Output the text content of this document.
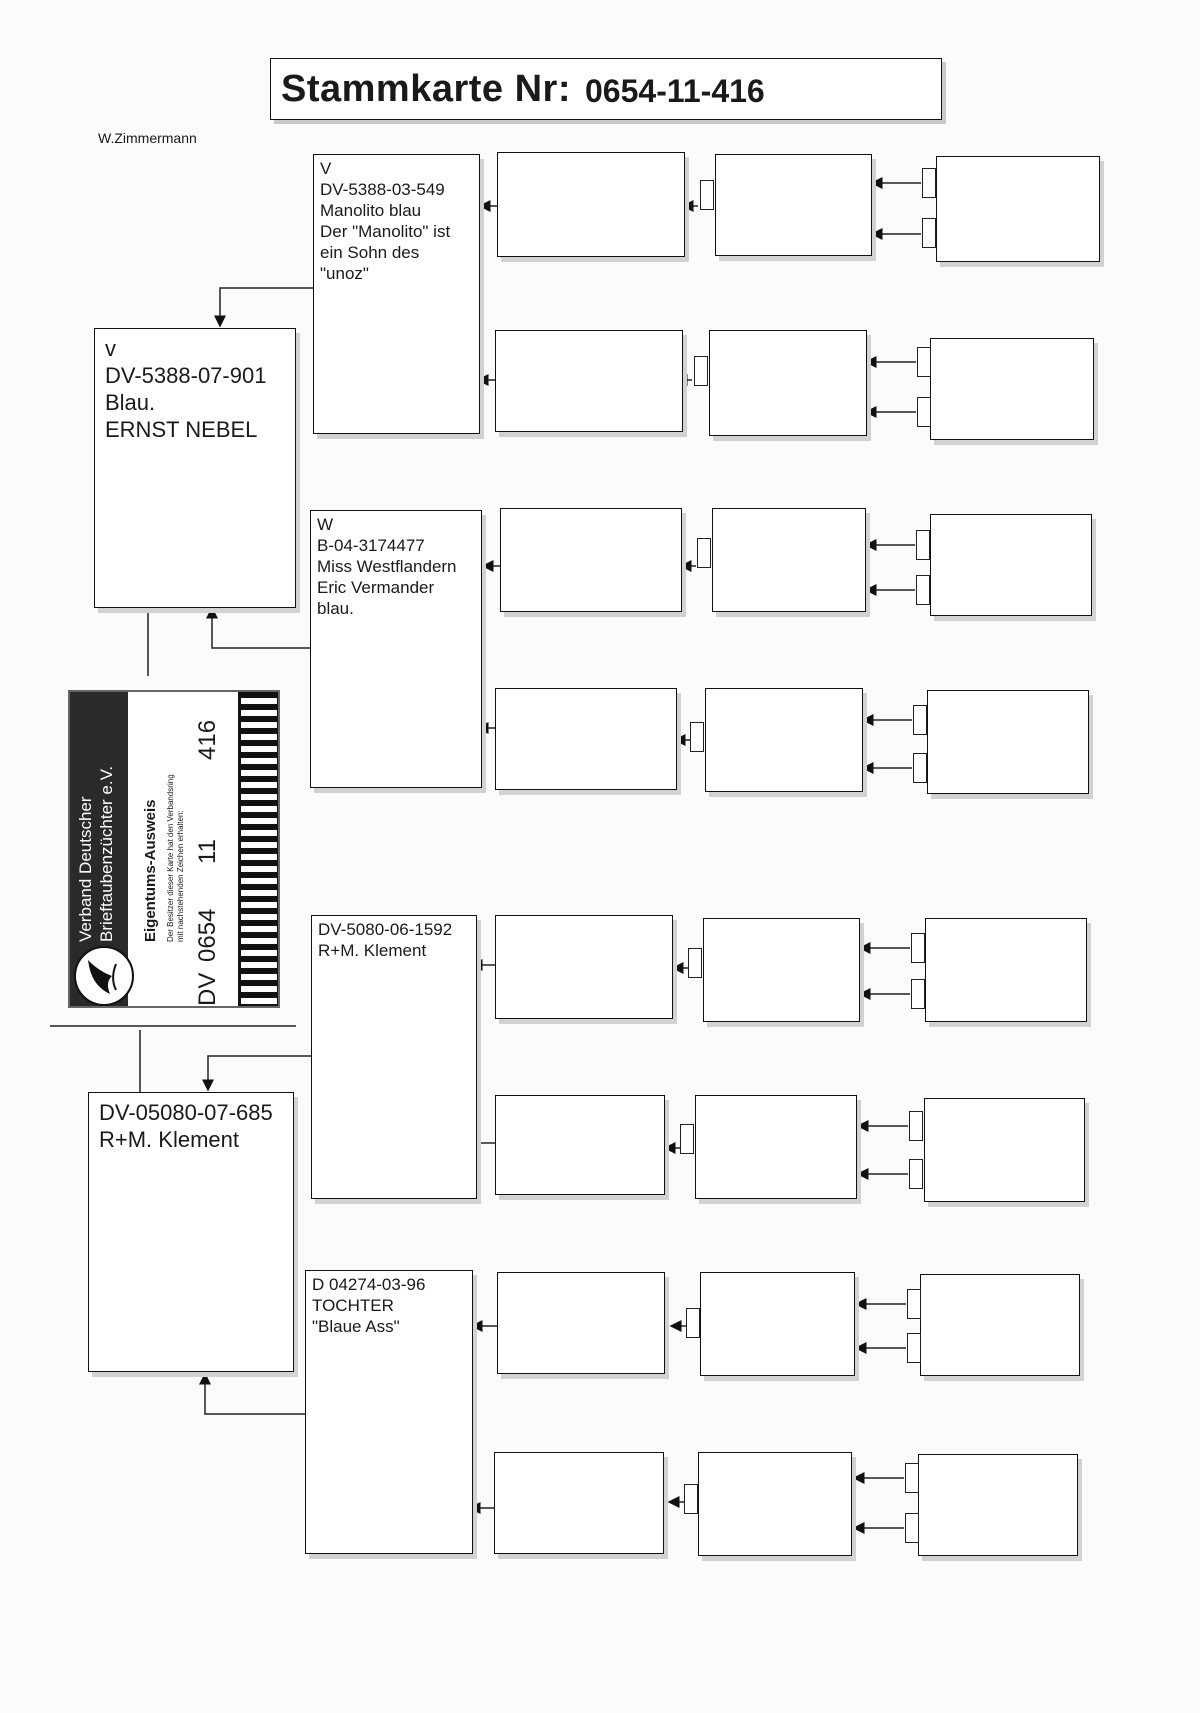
Stammkarte Nr: 0654-11-416
W.Zimmermann
v
DV-5388-07-901
Blau.
ERNST NEBEL
DV-05080-07-685
R+M. Klement
V
DV-5388-03-549
Manolito blau
Der "Manolito" ist
ein Sohn des
"unoz"
W
B-04-3174477
Miss Westflandern
Eric Vermander
blau.
DV-5080-06-1592
R+M. Klement
D 04274-03-96
TOCHTER
"Blaue Ass"
Verband Deutscher Brieftaubenzüchter e.V. Eigentums-Ausweis Der Besitzer dieser Karte hat den Verbandsring mit nachstehenden Zeichen erhalten:
DV
0654
11
416
